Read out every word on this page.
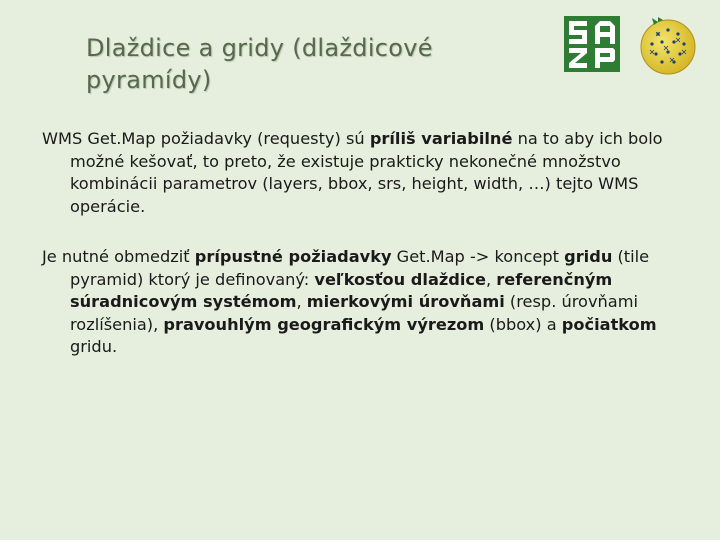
Dlaždice a gridy (dlaždicové pyramídy)

WMS Get.Map požiadavky (requesty) sú príliš variabilné na to aby ich bolo možné kešovať, to preto, že existuje prakticky nekonečné množstvo kombinácii parametrov (layers, bbox, srs, height, width, …) tejto WMS operácie.

Je nutné obmedziť prípustné požiadavky Get.Map -> koncept gridu (tile pyramid) ktorý je definovaný: veľkosťou dlaždice, referenčným súradnicovým systémom, mierkovými úrovňami (resp. úrovňami rozlíšenia), pravouhlým geografickým výrezom (bbox) a počiatkom gridu.
